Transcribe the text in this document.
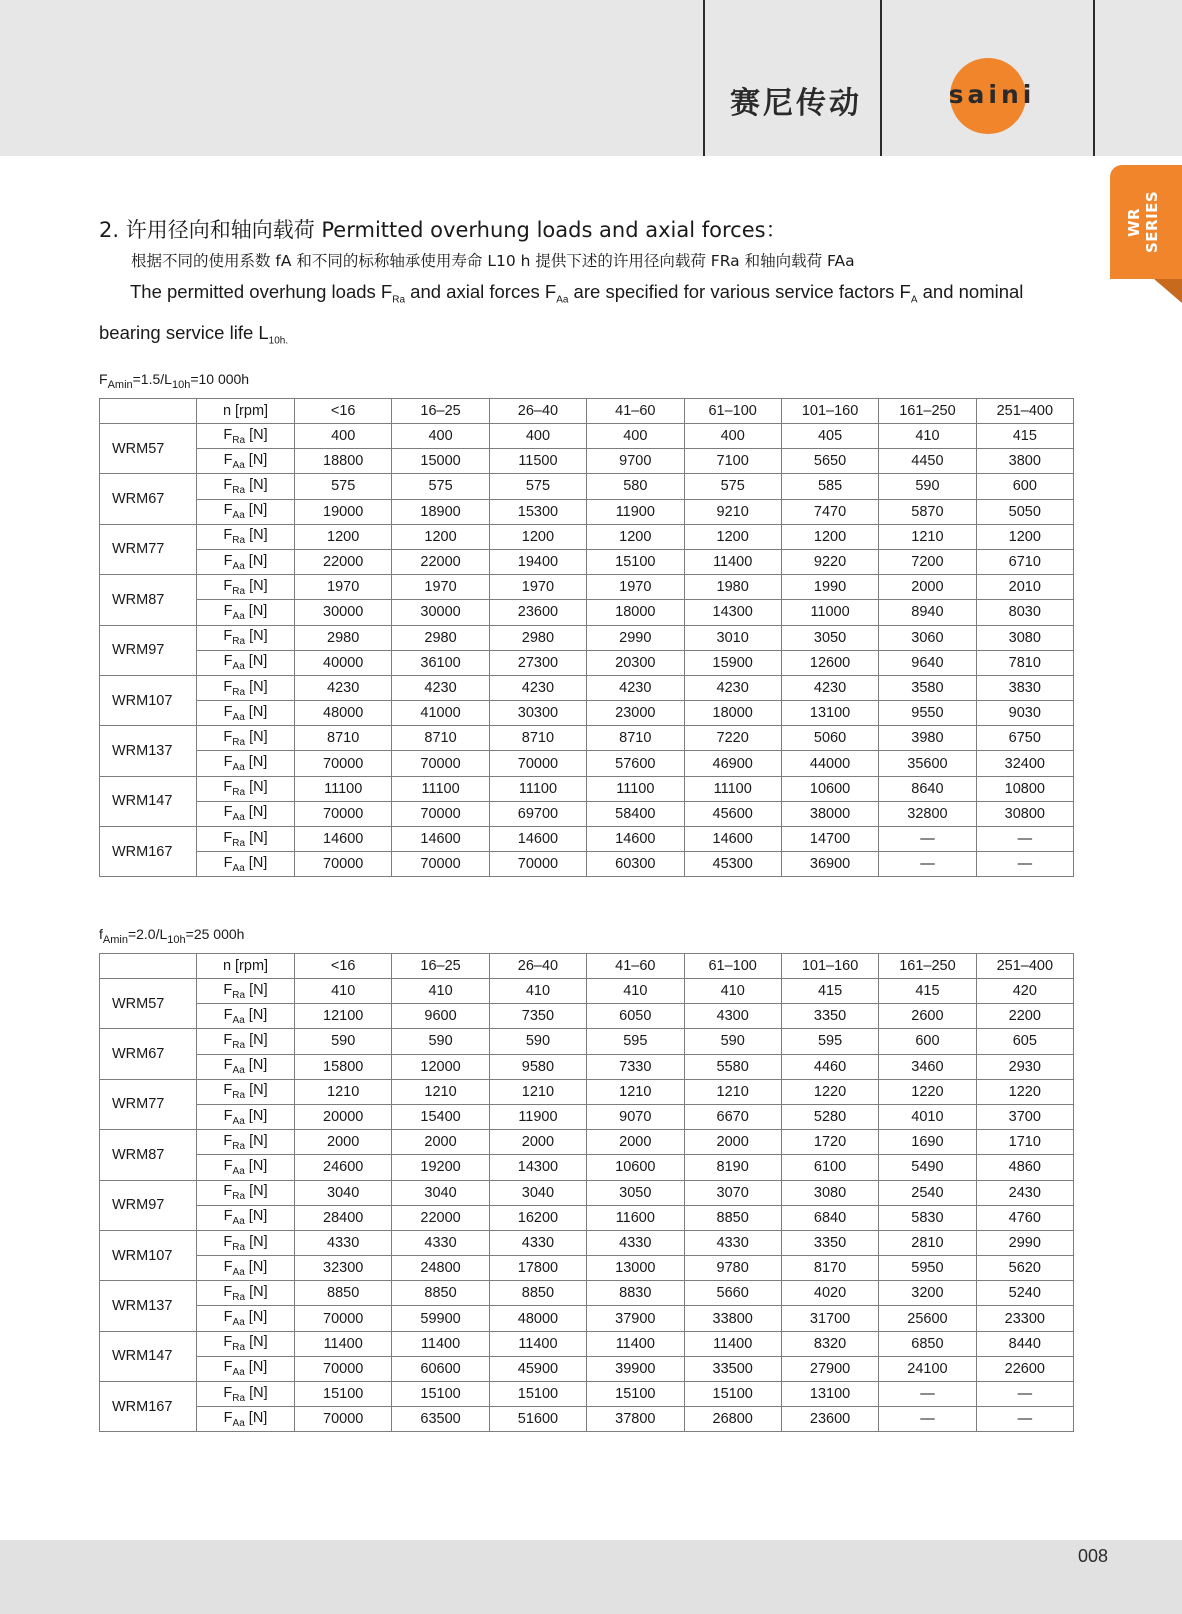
赛尼传动	saini
WR SERIES
2. 许用径向和轴向载荷 Permitted overhung loads and axial forces：
根据不同的使用系数 fA 和不同的标称轴承使用寿命 L10 h 提供下述的许用径向载荷 FRa 和轴向载荷 FAa
The permitted overhung loads $F_{Ra}$ and axial forces $F_{Aa}$ are specified for various service factors $F_A$ and nominal bearing service life $L_{10h.}$
$F_{Amin}=1.5/L_{10h}=10$ 000h
	n [rpm]	<16	16–25	26–40	41–60	61–100	101–160	161–250	251–400
WRM57	$F_{Ra}$ [N]	400	400	400	400	400	405	410	415
	$F_{Aa}$ [N]	18800	15000	11500	9700	7100	5650	4450	3800
WRM67	$F_{Ra}$ [N]	575	575	575	580	575	585	590	600
	$F_{Aa}$ [N]	19000	18900	15300	11900	9210	7470	5870	5050
WRM77	$F_{Ra}$ [N]	1200	1200	1200	1200	1200	1200	1210	1200
	$F_{Aa}$ [N]	22000	22000	19400	15100	11400	9220	7200	6710
WRM87	$F_{Ra}$ [N]	1970	1970	1970	1970	1980	1990	2000	2010
	$F_{Aa}$ [N]	30000	30000	23600	18000	14300	11000	8940	8030
WRM97	$F_{Ra}$ [N]	2980	2980	2980	2990	3010	3050	3060	3080
	$F_{Aa}$ [N]	40000	36100	27300	20300	15900	12600	9640	7810
WRM107	$F_{Ra}$ [N]	4230	4230	4230	4230	4230	4230	3580	3830
	$F_{Aa}$ [N]	48000	41000	30300	23000	18000	13100	9550	9030
WRM137	$F_{Ra}$ [N]	8710	8710	8710	8710	7220	5060	3980	6750
	$F_{Aa}$ [N]	70000	70000	70000	57600	46900	44000	35600	32400
WRM147	$F_{Ra}$ [N]	11100	11100	11100	11100	11100	10600	8640	10800
	$F_{Aa}$ [N]	70000	70000	69700	58400	45600	38000	32800	30800
WRM167	$F_{Ra}$ [N]	14600	14600	14600	14600	14600	14700	—	—
	$F_{Aa}$ [N]	70000	70000	70000	60300	45300	36900	—	—
$f_{Amin}=2.0/L_{10h}=25$ 000h
	n [rpm]	<16	16–25	26–40	41–60	61–100	101–160	161–250	251–400
WRM57	$F_{Ra}$ [N]	410	410	410	410	410	415	415	420
	$F_{Aa}$ [N]	12100	9600	7350	6050	4300	3350	2600	2200
WRM67	$F_{Ra}$ [N]	590	590	590	595	590	595	600	605
	$F_{Aa}$ [N]	15800	12000	9580	7330	5580	4460	3460	2930
WRM77	$F_{Ra}$ [N]	1210	1210	1210	1210	1210	1220	1220	1220
	$F_{Aa}$ [N]	20000	15400	11900	9070	6670	5280	4010	3700
WRM87	$F_{Ra}$ [N]	2000	2000	2000	2000	2000	1720	1690	1710
	$F_{Aa}$ [N]	24600	19200	14300	10600	8190	6100	5490	4860
WRM97	$F_{Ra}$ [N]	3040	3040	3040	3050	3070	3080	2540	2430
	$F_{Aa}$ [N]	28400	22000	16200	11600	8850	6840	5830	4760
WRM107	$F_{Ra}$ [N]	4330	4330	4330	4330	4330	3350	2810	2990
	$F_{Aa}$ [N]	32300	24800	17800	13000	9780	8170	5950	5620
WRM137	$F_{Ra}$ [N]	8850	8850	8850	8830	5660	4020	3200	5240
	$F_{Aa}$ [N]	70000	59900	48000	37900	33800	31700	25600	23300
WRM147	$F_{Ra}$ [N]	11400	11400	11400	11400	11400	8320	6850	8440
	$F_{Aa}$ [N]	70000	60600	45900	39900	33500	27900	24100	22600
WRM167	$F_{Ra}$ [N]	15100	15100	15100	15100	15100	13100	—	—
	$F_{Aa}$ [N]	70000	63500	51600	37800	26800	23600	—	—
008
